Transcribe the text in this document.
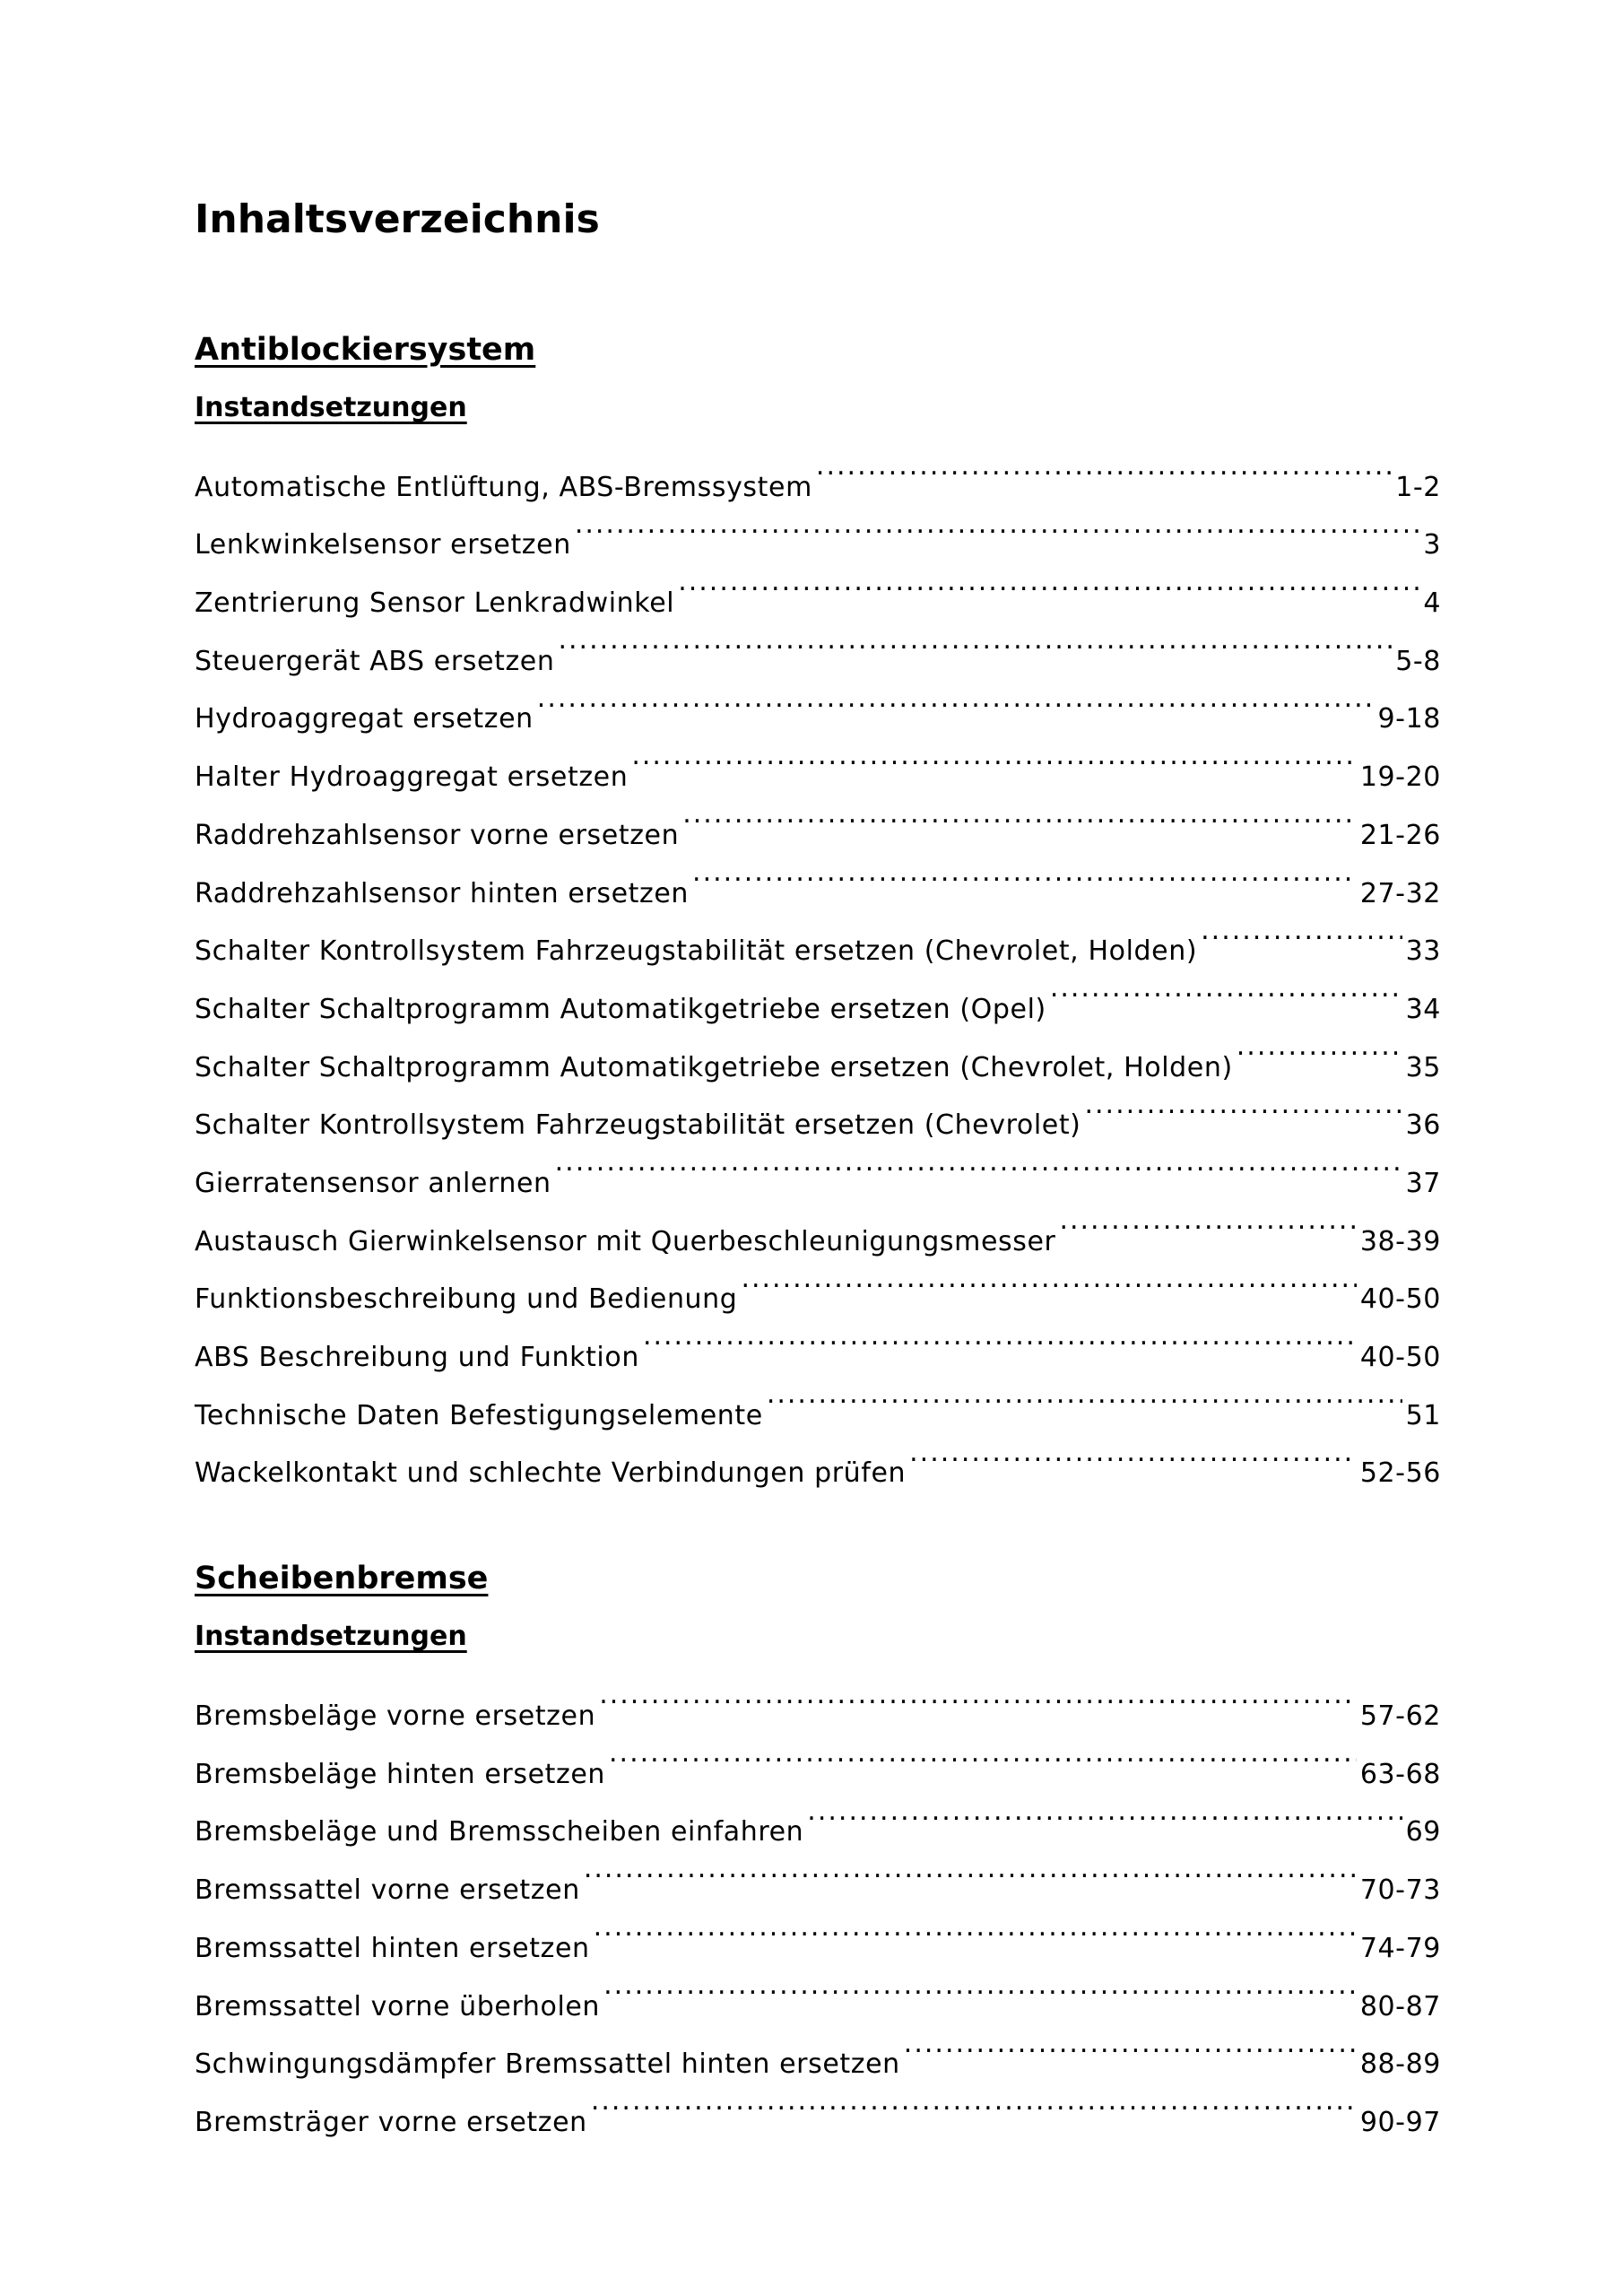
Inhaltsverzeichnis
Antiblockiersystem
Instandsetzungen
Automatische Entlüftung, ABS-Bremssystem .....	1-2
Lenkwinkelsensor ersetzen .....	3
Zentrierung Sensor Lenkradwinkel .....	4
Steuergerät ABS ersetzen .....	5-8
Hydroaggregat ersetzen .....	9-18
Halter Hydroaggregat ersetzen .....	19-20
Raddrehzahlsensor vorne ersetzen .....	21-26
Raddrehzahlsensor hinten ersetzen .....	27-32
Schalter Kontrollsystem Fahrzeugstabilität ersetzen (Chevrolet, Holden) .....	33
Schalter Schaltprogramm Automatikgetriebe ersetzen (Opel) .....	34
Schalter Schaltprogramm Automatikgetriebe ersetzen (Chevrolet, Holden) .....	35
Schalter Kontrollsystem Fahrzeugstabilität ersetzen (Chevrolet) .....	36
Gierratensensor anlernen .....	37
Austausch Gierwinkelsensor mit Querbeschleunigungsmesser .....	38-39
Funktionsbeschreibung und Bedienung .....	40-50
ABS Beschreibung und Funktion .....	40-50
Technische Daten Befestigungselemente .....	51
Wackelkontakt und schlechte Verbindungen prüfen .....	52-56
Scheibenbremse
Instandsetzungen
Bremsbeläge vorne ersetzen .....	57-62
Bremsbeläge hinten ersetzen .....	63-68
Bremsbeläge und Bremsscheiben einfahren .....	69
Bremssattel vorne ersetzen .....	70-73
Bremssattel hinten ersetzen .....	74-79
Bremssattel vorne überholen .....	80-87
Schwingungsdämpfer Bremssattel hinten ersetzen .....	88-89
Bremsträger vorne ersetzen .....	90-97
